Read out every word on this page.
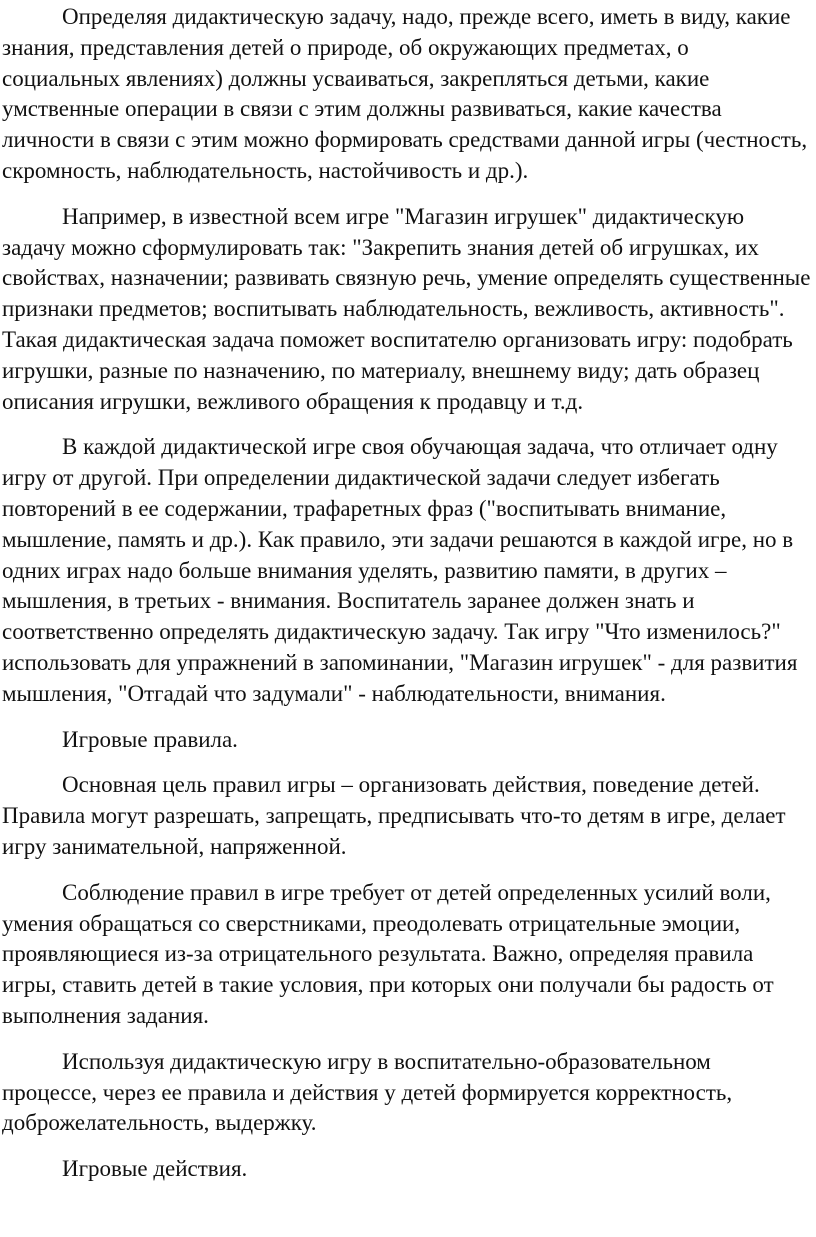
Определяя дидактическую задачу, надо, прежде всего, иметь в виду, какие знания, представления детей о природе, об окружающих предметах, о социальных явлениях) должны усваиваться, закрепляться детьми, какие умственные операции в связи с этим должны развиваться, какие качества личности в связи с этим можно формировать средствами данной игры (честность, скромность, наблюдательность, настойчивость и др.).

Например, в известной всем игре "Магазин игрушек" дидактическую задачу можно сформулировать так: "Закрепить знания детей об игрушках, их свойствах, назначении; развивать связную речь, умение определять существенные признаки предметов; воспитывать наблюдательность, вежливость, активность". Такая дидактическая задача поможет воспитателю организовать игру: подобрать игрушки, разные по назначению, по материалу, внешнему виду; дать образец описания игрушки, вежливого обращения к продавцу и т.д.

В каждой дидактической игре своя обучающая задача, что отличает одну игру от другой. При определении дидактической задачи следует избегать повторений в ее содержании, трафаретных фраз ("воспитывать внимание, мышление, память и др.). Как правило, эти задачи решаются в каждой игре, но в одних играх надо больше внимания уделять, развитию памяти, в других – мышления, в третьих - внимания. Воспитатель заранее должен знать и соответственно определять дидактическую задачу. Так игру "Что изменилось?" использовать для упражнений в запоминании, "Магазин игрушек" - для развития мышления, "Отгадай что задумали" - наблюдательности, внимания.

Игровые правила.

Основная цель правил игры – организовать действия, поведение детей. Правила могут разрешать, запрещать, предписывать что-то детям в игре, делает игру занимательной, напряженной.

Соблюдение правил в игре требует от детей определенных усилий воли, умения обращаться со сверстниками, преодолевать отрицательные эмоции, проявляющиеся из-за отрицательного результата. Важно, определяя правила игры, ставить детей в такие условия, при которых они получали бы радость от выполнения задания.

Используя дидактическую игру в воспитательно-образовательном процессе, через ее правила и действия у детей формируется корректность, доброжелательность, выдержку.

Игровые действия.
